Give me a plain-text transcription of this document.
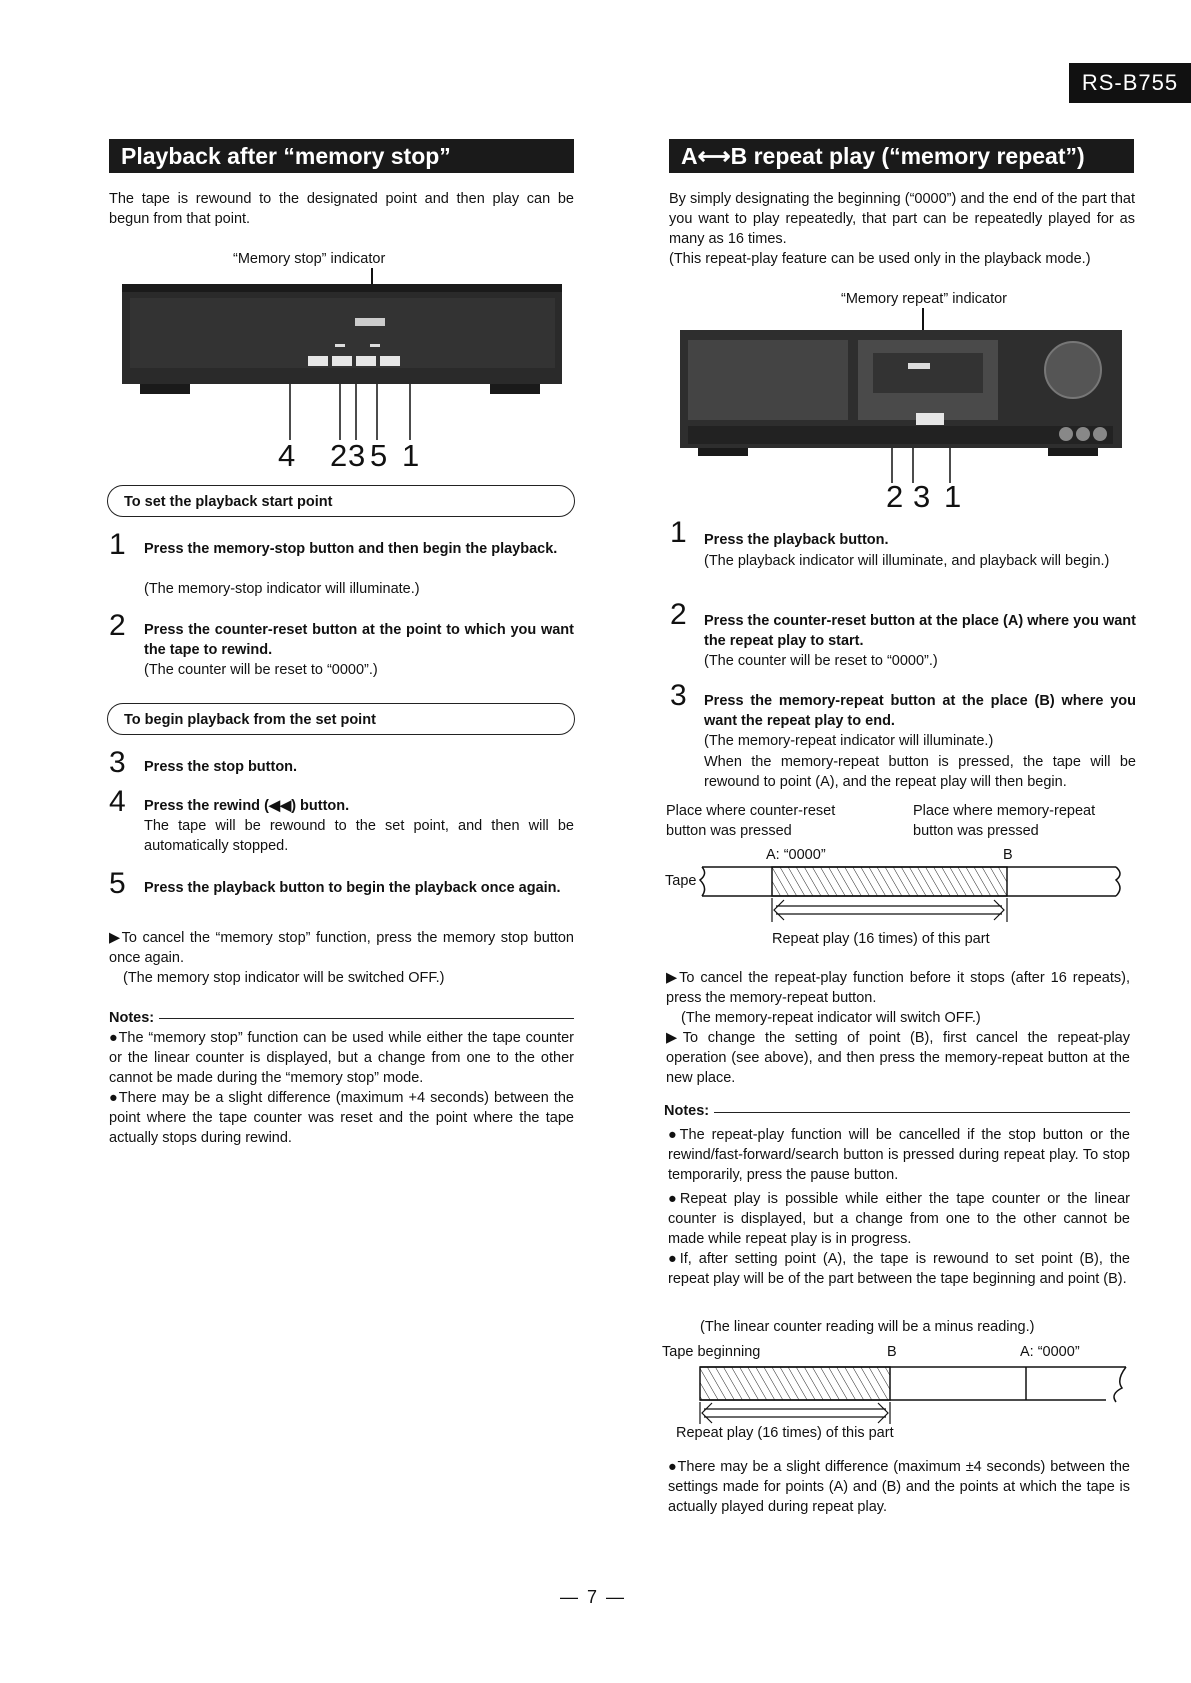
RS-B755
Playback after “memory stop”
The tape is rewound to the designated point and then play can be begun from that point.
“Memory stop” indicator
4 2 3 5 1
To set the playback start point
1 Press the memory-stop button and then begin the playback.
(The memory-stop indicator will illuminate.)
2 Press the counter-reset button at the point to which you want the tape to rewind.
(The counter will be reset to “0000”.)
To begin playback from the set point
3 Press the stop button.
4 Press the rewind (◀◀) button.
The tape will be rewound to the set point, and then will be automatically stopped.
5 Press the playback button to begin the playback once again.
▶To cancel the “memory stop” function, press the memory stop button once again.
(The memory stop indicator will be switched OFF.)
Notes:
●The “memory stop” function can be used while either the tape counter or the linear counter is displayed, but a change from one to the other cannot be made during the “memory stop” mode.
●There may be a slight difference (maximum +4 seconds) between the point where the tape counter was reset and the point where the tape actually stops during rewind.
A⟷B repeat play (“memory repeat”)
By simply designating the beginning (“0000”) and the end of the part that you want to play repeatedly, that part can be repeatedly played for as many as 16 times.
(This repeat-play feature can be used only in the playback mode.)
“Memory repeat” indicator
2 3 1
1 Press the playback button.
(The playback indicator will illuminate, and playback will begin.)
2 Press the counter-reset button at the place (A) where you want the repeat play to start.
(The counter will be reset to “0000”.)
3 Press the memory-repeat button at the place (B) where you want the repeat play to end.
(The memory-repeat indicator will illuminate.)
When the memory-repeat button is pressed, the tape will be rewound to point (A), and the repeat play will then begin.
Place where counter-reset button was pressed
Place where memory-repeat button was pressed
A: “0000”	B
Tape
Repeat play (16 times) of this part
▶To cancel the repeat-play function before it stops (after 16 repeats), press the memory-repeat button.
(The memory-repeat indicator will switch OFF.)
▶To change the setting of point (B), first cancel the repeat-play operation (see above), and then press the memory-repeat button at the new place.
Notes:
●The repeat-play function will be cancelled if the stop button or the rewind/fast-forward/search button is pressed during repeat play. To stop temporarily, press the pause button.
●Repeat play is possible while either the tape counter or the linear counter is displayed, but a change from one to the other cannot be made while repeat play is in progress.
●If, after setting point (A), the tape is rewound to set point (B), the repeat play will be of the part between the tape beginning and point (B).
(The linear counter reading will be a minus reading.)
Tape beginning	B	A: “0000”
Repeat play (16 times) of this part
●There may be a slight difference (maximum ±4 seconds) between the settings made for points (A) and (B) and the points at which the tape is actually played during repeat play.
— 7 —
